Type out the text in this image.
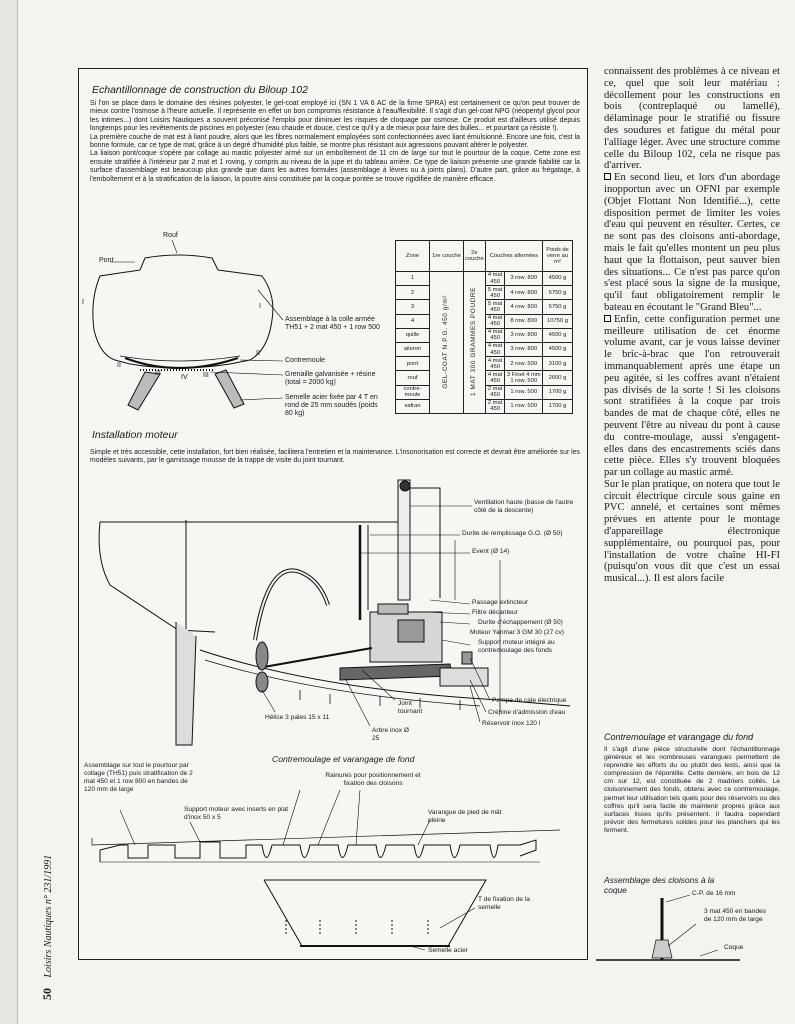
50 Loisirs Nautiques n° 231/1991
Echantillonnage de construction du Biloup 102

Si l'on se place dans le domaine des résines polyester, le gel-coat employé ici (SN 1 VA 6 AC de la firme SPRA) est certainement ce qu'on peut trouver de mieux contre l'osmose à l'heure actuelle. Il représente en effet un bon compromis résistance à l'eau/flexibilité. Il s'agit d'un gel-coat NPG (néopentyl glycol pour les intimes...) dont Loisirs Nautiques a souvent préconisé l'emploi pour diminuer les risques de cloquage par osmose. Ce produit est d'ailleurs utilisé depuis longtemps pour les revêtements de piscines en polyester (eau chaude et douce, c'est ce qu'il y a de mieux pour faire des bulles... et pourtant ça résiste !).

La première couche de mat est à liant poudre, alors que les fibres normalement employées sont confectionnées avec liant émulsionné. Encore une fois, c'est la bonne formule, car ce type de mat, grâce à un degré d'humidité plus faible, se montre plus résistant aux agressions pouvant altérer le polyester.

La liaison pont/coque s'opère par collage au mastic polyester armé sur un emboîtement de 11 cm de large sur tout le pourtour de la coque. Cette zone est ensuite stratifiée à l'intérieur par 2 mat et 1 roving, y compris au niveau de la jupe et du tableau arrière. Ce type de liaison présente une grande fiabilité car la surface d'assemblage est beaucoup plus grande que dans les autres formules (assemblage à lèvres ou à joints plans). D'autre part, grâce au frégatage, à l'emboîtement et à la stratification de la liaison, la poutre ainsi constituée par la coque pontée se trouve rigidifiée de manière efficace.

Rouf
Pont
I
I
II
II
III	III
IV
Assemblage à la colle armée TH51 + 2 mat 450 + 1 row 500
Contremoule
Grenaille galvanisée + résine (total = 2000 kg)
Semelle acier fixée par 4 T en rond de 25 mm soudés (poids 80 kg)
Zone	1re couche	2e couche	Couches alternées		Poids de verre au m²
1	GEL-COAT N.P.G. 450 g/m²	1 MAT 300 GRAMMES POUDRE	4 mat 450	3 row. 800	4500 g
2			5 mat 450	4 row. 800	5750 g
3			5 mat 450	4 row. 800	5750 g
4			4 mat 450	8 row. 800	10750 g
quille			4 mat 450	3 row. 800	4500 g
aileron			4 mat 450	3 row. 800	4500 g
pont			4 mat 450	2 row. 500	3100 g
rouf			4 mat 450	3 Finet 4 mm 1 row. 500	2600 g
contre-moule			2 mat 450	1 row. 500	1700 g
safran			2 mat 450	1 row. 500	1700 g
Installation moteur
Simple et très accessible, cette installation, fort bien réalisée, facilitera l'entretien et la maintenance. L'insonorisation est correcte et devrait être améliorée sur les modèles suivants, par le garnissage mousse de la trappe de visite du joint tournant.
Ventilation haute (basse de l'autre côté de la descente)
Durite de remplissage G.O. (Ø 50)
Event (Ø 14)
Passage extincteur
Filtre décanteur
Durite d'échappement (Ø 50)
Moteur Yanmar 3 GM 30 (27 cv)
Support moteur intégré au contremoulage des fonds
Pompe de cale électrique
Crépine d'admission d'eau
Réservoir inox 120 l
Joint tournant
Hélice 3 pales 15 x 11
Arbre inox Ø 25
Contremoulage et varangage de fond
Assemblage sur tout le pourtour par collage (TH51) puis stratification de 2 mat 450 et 1 row 800 en bandes de 120 mm de large
Rainures pour positionnement et fixation des cloisons
Support moteur avec inserts en plat d'inox 50 x 5
Varangue de pied de mât pleine
T de fixation de la semelle
Semelle acier

connaissent des problèmes à ce niveau et ce, quel que soit leur matériau : décollement pour les constructions en bois (contreplaqué ou lamellé), délaminage pour le stratifié ou fissure des soudures et fatigue du métal pour l'alliage léger. Avec une structure comme celle du Biloup 102, cela ne risque pas d'arriver.

En second lieu, et lors d'un abordage inopportun avec un OFNI par exemple (Objet Flottant Non Identifié...), cette disposition permet de limiter les voies d'eau qui peuvent en résulter. Certes, ce ne sont pas des cloisons anti-abordage, mais le fait qu'elles montent un peu plus haut que la flottaison, peut sauver bien des situations... Ce n'est pas parce qu'on s'est placé sous la signe de la musique, qu'il faut obligatoirement remplir le bateau en écoutant le "Grand Bleu"...

Enfin, cette configuration permet une meilleure utilisation de cet énorme volume avant, car je vous laisse deviner le bric-à-brac que l'on retrouverait immanquablement après une étape un peu agitée, si les coffres avant n'étaient pas divisés de la sorte ! Si les cloisons sont stratifiées à la coque par trois bandes de mat de chaque côté, elles ne peuvent l'être au niveau du pont à cause du contre-moulage, aussi s'engagent-elles dans des encastrements sciés dans cette pièce. Elles s'y trouvent bloquées par un collage au mastic armé.

Sur le plan pratique, on notera que tout le circuit électrique circule sous gaine en PVC annelé, et certaines sont mêmes prévues en attente pour le montage d'appareillage électronique supplémentaire, ou pourquoi pas, pour l'installation de votre chaîne HI-FI (puisqu'on vous dit que c'est un essai musical...). Il est alors facile

Contremoulage et varangage du fond
Il s'agit d'une pièce structurelle dont l'échantillonnage généreux et les nombreuses varangues permettent de reprendre les efforts du ou plutôt des lests, ainsi que la compression de l'épontille. Cette dernière, en bois de 12 cm sur 12, est constituée de 2 madriers collés. Le cloisonnement des fonds, obtenu avec ce contremoulage, permet leur utilisation tels quels pour des réservoirs ou des coffres qu'il sera facile de maintenir propres grâce aux surfaces lisses qu'ils présentent. Il faudra cependant prévoir des fermetures solides pour les planchers qui les ferment.
Assemblage des cloisons à la coque	C-P. de 16 mm
3 mat 450 en bandes de 120 mm de large
Coque
